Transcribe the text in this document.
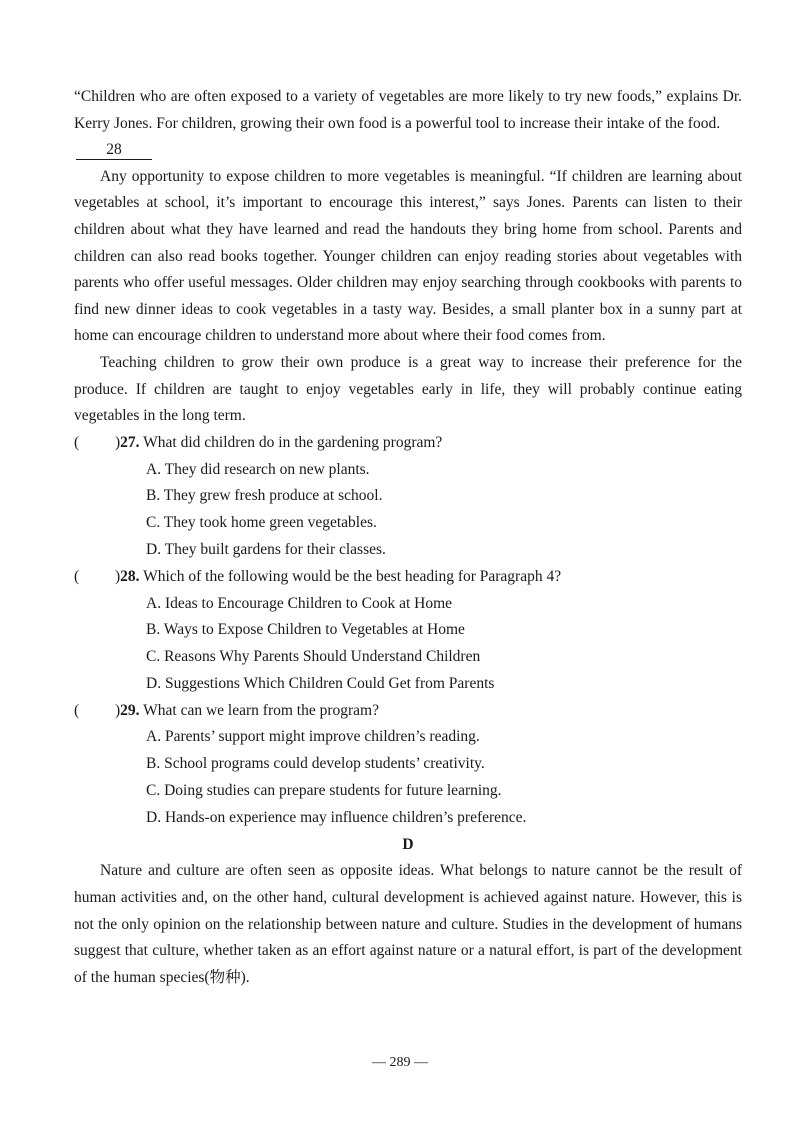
“Children who are often exposed to a variety of vegetables are more likely to try new foods,” explains Dr. Kerry Jones. For children, growing their own food is a powerful tool to increase their intake of the food.

28

Any opportunity to expose children to more vegetables is meaningful. “If children are learning about vegetables at school, it’s important to encourage this interest,” says Jones. Parents can listen to their children about what they have learned and read the handouts they bring home from school. Parents and children can also read books together. Younger children can enjoy reading stories about vegetables with parents who offer useful messages. Older children may enjoy searching through cookbooks with parents to find new dinner ideas to cook vegetables in a tasty way. Besides, a small planter box in a sunny part at home can encourage children to understand more about where their food comes from.

Teaching children to grow their own produce is a great way to increase their preference for the produce. If children are taught to enjoy vegetables early in life, they will probably continue eating vegetables in the long term.

( )27. What did children do in the gardening program?

A. They did research on new plants.

B. They grew fresh produce at school.

C. They took home green vegetables.

D. They built gardens for their classes.

( )28. Which of the following would be the best heading for Paragraph 4?

A. Ideas to Encourage Children to Cook at Home

B. Ways to Expose Children to Vegetables at Home

C. Reasons Why Parents Should Understand Children

D. Suggestions Which Children Could Get from Parents

( )29. What can we learn from the program?

A. Parents’ support might improve children’s reading.

B. School programs could develop students’ creativity.

C. Doing studies can prepare students for future learning.

D. Hands-on experience may influence children’s preference.

D

Nature and culture are often seen as opposite ideas. What belongs to nature cannot be the result of human activities and, on the other hand, cultural development is achieved against nature. However, this is not the only opinion on the relationship between nature and culture. Studies in the development of humans suggest that culture, whether taken as an effort against nature or a natural effort, is part of the development of the human species(物种).

— 289 —
